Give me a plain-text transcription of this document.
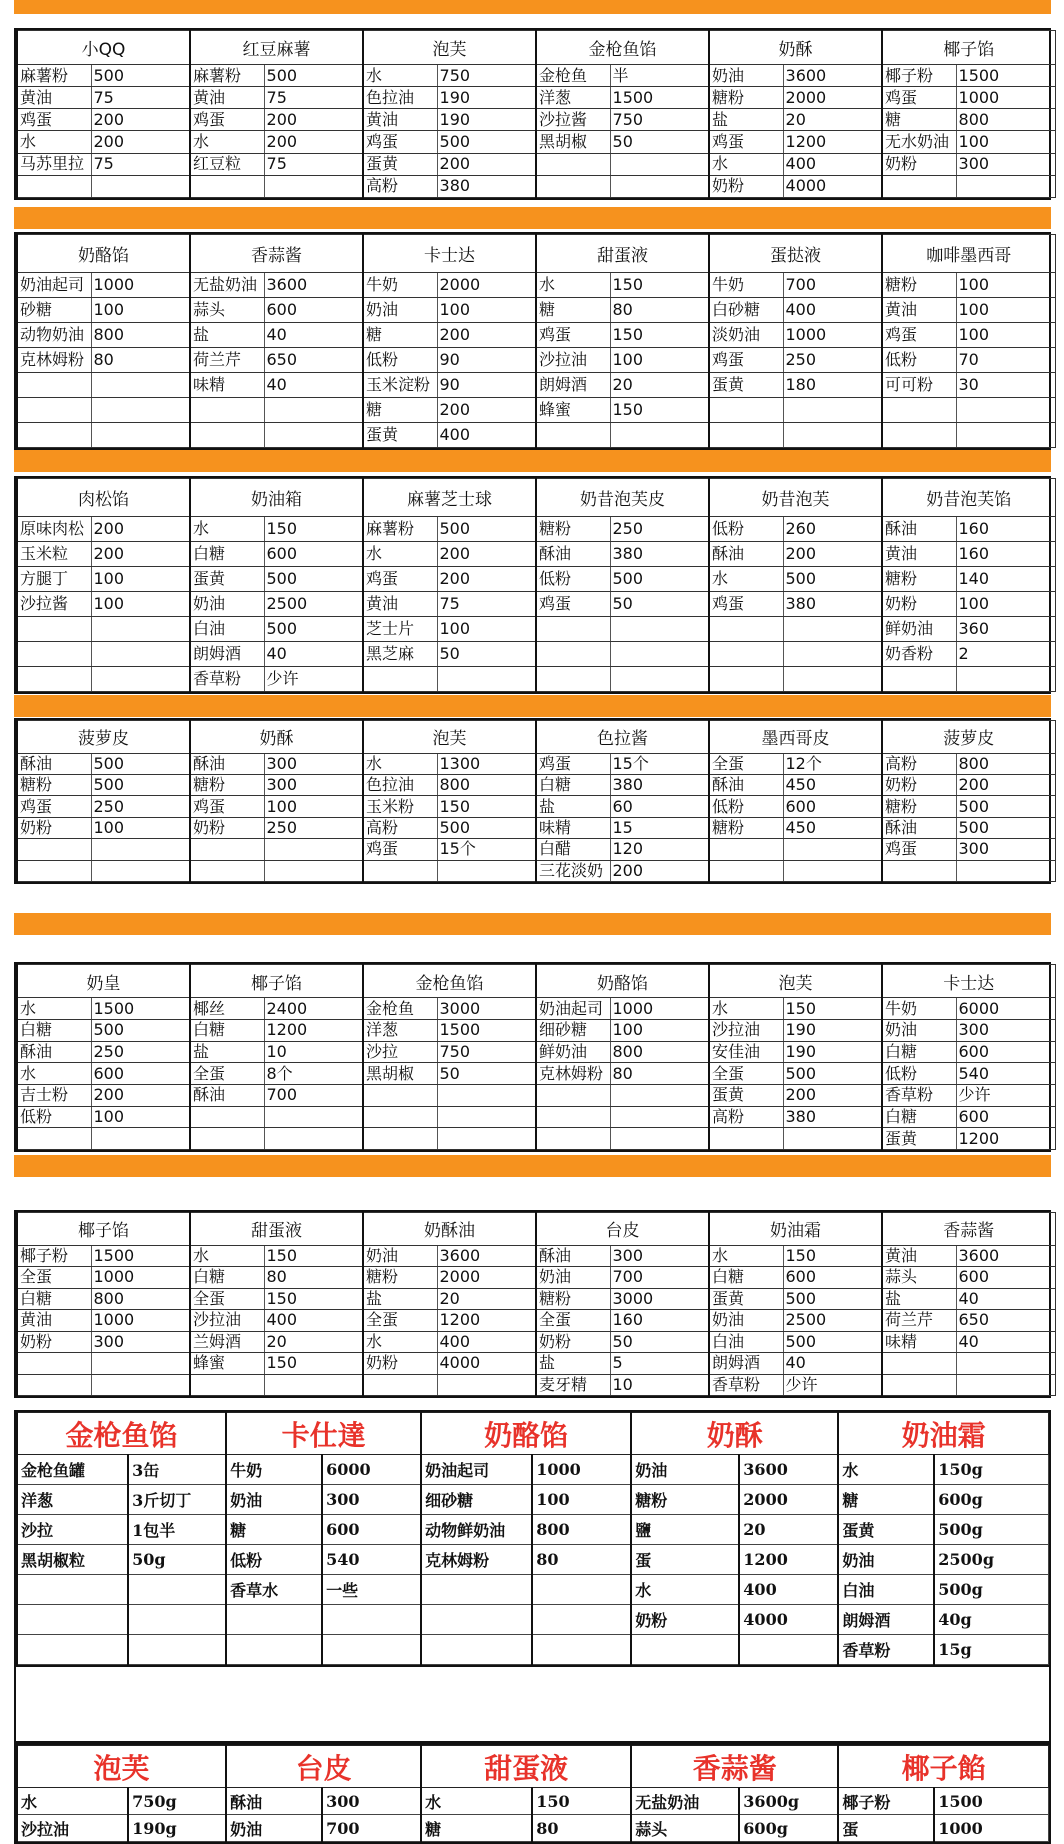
小QQ		红豆麻薯		泡芙		金枪鱼馅		奶酥		椰子馅	
麻薯粉	500	麻薯粉	500	水	750	金枪鱼	半	奶油	3600	椰子粉	1500
黄油	75	黄油	75	色拉油	190	洋葱	1500	糖粉	2000	鸡蛋	1000
鸡蛋	200	鸡蛋	200	黄油	190	沙拉酱	750	盐	20	糖	800
水	200	水	200	鸡蛋	500	黑胡椒	50	鸡蛋	1200	无水奶油	100
马苏里拉	75	红豆粒	75	蛋黄	200			水	400	奶粉	300
				高粉	380			奶粉	4000		
奶酪馅		香蒜酱		卡士达		甜蛋液		蛋挞液		咖啡墨西哥	
奶油起司	1000	无盐奶油	3600	牛奶	2000	水	150	牛奶	700	糖粉	100
砂糖	100	蒜头	600	奶油	100	糖	80	白砂糖	400	黄油	100
动物奶油	800	盐	40	糖	200	鸡蛋	150	淡奶油	1000	鸡蛋	100
克林姆粉	80	荷兰芹	650	低粉	90	沙拉油	100	鸡蛋	250	低粉	70
		味精	40	玉米淀粉	90	朗姆酒	20	蛋黄	180	可可粉	30
				糖	200	蜂蜜	150				
				蛋黄	400						
肉松馅		奶油箱		麻薯芝士球		奶昔泡芙皮		奶昔泡芙		奶昔泡芙馅	
原味肉松	200	水	150	麻薯粉	500	糖粉	250	低粉	260	酥油	160
玉米粒	200	白糖	600	水	200	酥油	380	酥油	200	黄油	160
方腿丁	100	蛋黄	500	鸡蛋	200	低粉	500	水	500	糖粉	140
沙拉酱	100	奶油	2500	黄油	75	鸡蛋	50	鸡蛋	380	奶粉	100
		白油	500	芝士片	100					鲜奶油	360
		朗姆酒	40	黑芝麻	50					奶香粉	2
		香草粉	少许								
菠萝皮		奶酥		泡芙		色拉酱		墨西哥皮		菠萝皮	
酥油	500	酥油	300	水	1300	鸡蛋	15个	全蛋	12个	高粉	800
糖粉	500	糖粉	300	色拉油	800	白糖	380	酥油	450	奶粉	200
鸡蛋	250	鸡蛋	100	玉米粉	150	盐	60	低粉	600	糖粉	500
奶粉	100	奶粉	250	高粉	500	味精	15	糖粉	450	酥油	500
				鸡蛋	15个	白醋	120			鸡蛋	300
						三花淡奶	200				
奶皇		椰子馅		金枪鱼馅		奶酪馅		泡芙		卡士达	
水	1500	椰丝	2400	金枪鱼	3000	奶油起司	1000	水	150	牛奶	6000
白糖	500	白糖	1200	洋葱	1500	细砂糖	100	沙拉油	190	奶油	300
酥油	250	盐	10	沙拉	750	鲜奶油	800	安佳油	190	白糖	600
水	600	全蛋	8个	黑胡椒	50	克林姆粉	80	全蛋	500	低粉	540
吉士粉	200	酥油	700					蛋黄	200	香草粉	少许
低粉	100							高粉	380	白糖	600
										蛋黄	1200
椰子馅		甜蛋液		奶酥油		台皮		奶油霜		香蒜酱	
椰子粉	1500	水	150	奶油	3600	酥油	300	水	150	黄油	3600
全蛋	1000	白糖	80	糖粉	2000	奶油	700	白糖	600	蒜头	600
白糖	800	全蛋	150	盐	20	糖粉	3000	蛋黄	500	盐	40
黄油	1000	沙拉油	400	全蛋	1200	全蛋	160	奶油	2500	荷兰芹	650
奶粉	300	兰姆酒	20	水	400	奶粉	50	白油	500	味精	40
		蜂蜜	150	奶粉	4000	盐	5	朗姆酒	40		
						麦牙精	10	香草粉	少许		
金枪鱼馅		卡仕達		奶酪馅		奶酥		奶油霜	
金枪鱼罐	3缶	牛奶	6000	奶油起司	1000	奶油	3600	水	150g
洋葱	3斤切丁	奶油	300	细砂糖	100	糖粉	2000	糖	600g
沙拉	1包半	糖	600	动物鲜奶油	800	鹽	20	蛋黄	500g
黑胡椒粒	50g	低粉	540	克林姆粉	80	蛋	1200	奶油	2500g
		香草水	一些			水	400	白油	500g
						奶粉	4000	朗姆酒	40g
								香草粉	15g
泡芙		台皮		甜蛋液		香蒜酱		椰子餡	
水	750g	酥油	300	水	150	无盐奶油	3600g	椰子粉	1500
沙拉油	190g	奶油	700	糖	80	蒜头	600g	蛋	1000
